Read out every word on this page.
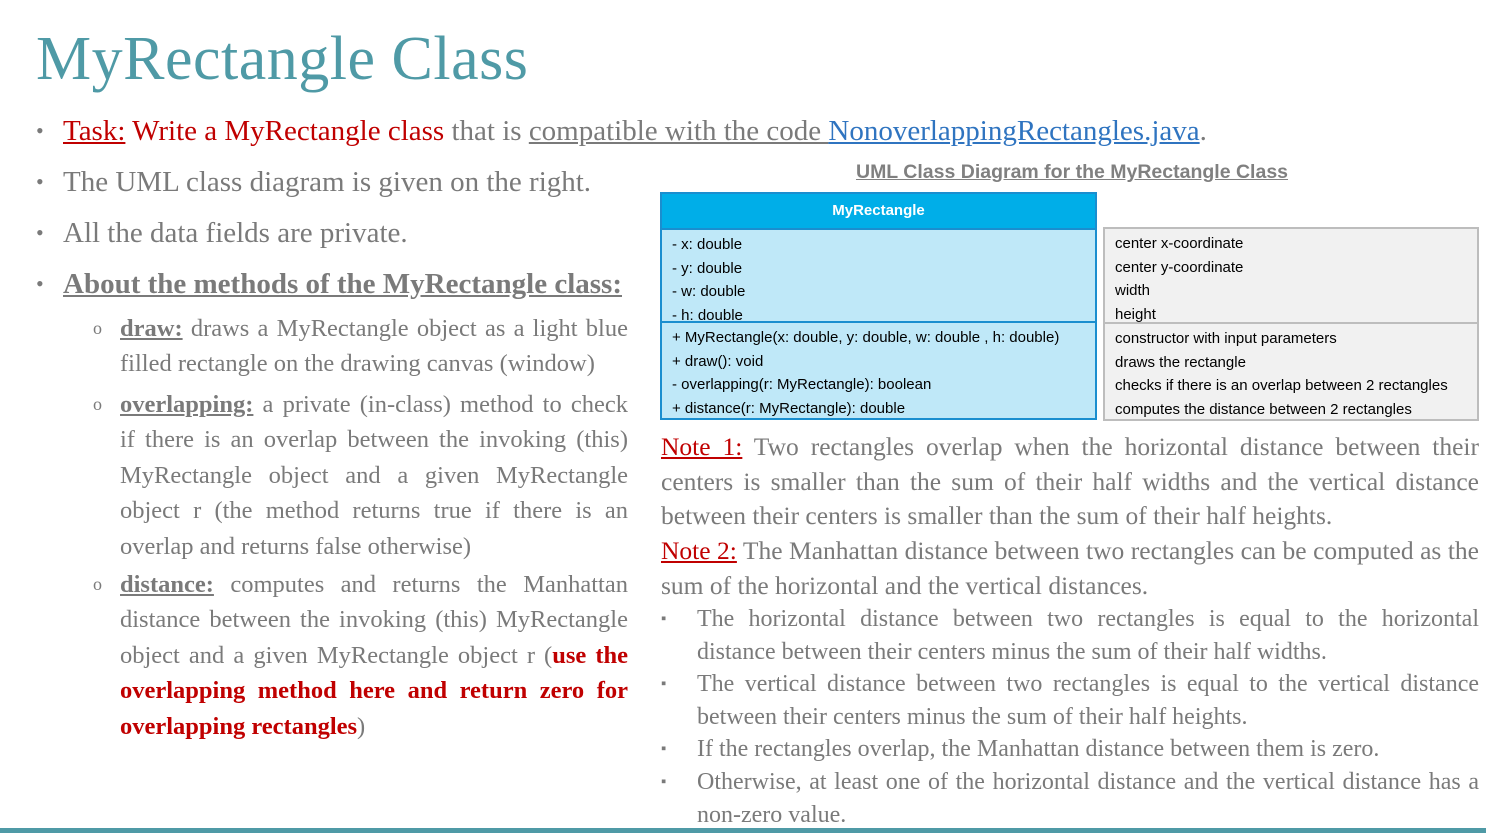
MyRectangle Class

• Task: Write a MyRectangle class that is compatible with the code NonoverlappingRectangles.java.

• The UML class diagram is given on the right.

• All the data fields are private.

• About the methods of the MyRectangle class:

o draw: draws a MyRectangle object as a light blue filled rectangle on the drawing canvas (window)

o overlapping: a private (in-class) method to check if there is an overlap between the invoking (this) MyRectangle object and a given MyRectangle object r (the method returns true if there is an overlap and returns false otherwise)

o distance: computes and returns the Manhattan distance between the invoking (this) MyRectangle object and a given MyRectangle object r (use the overlapping method here and return zero for overlapping rectangles)

UML Class Diagram for the MyRectangle Class

MyRectangle
- x: double
- y: double
- w: double
- h: double
+ MyRectangle(x: double, y: double, w: double , h: double)
+ draw(): void
- overlapping(r: MyRectangle): boolean
+ distance(r: MyRectangle): double
center x-coordinate
center y-coordinate
width
height
constructor with input parameters
draws the rectangle
checks if there is an overlap between 2 rectangles
computes the distance between 2 rectangles

Note 1: Two rectangles overlap when the horizontal distance between their centers is smaller than the sum of their half widths and the vertical distance between their centers is smaller than the sum of their half heights.

Note 2: The Manhattan distance between two rectangles can be computed as the sum of the horizontal and the vertical distances.

▪ The horizontal distance between two rectangles is equal to the horizontal distance between their centers minus the sum of their half widths.

▪ The vertical distance between two rectangles is equal to the vertical distance between their centers minus the sum of their half heights.

▪ If the rectangles overlap, the Manhattan distance between them is zero.

▪ Otherwise, at least one of the horizontal distance and the vertical distance has a non-zero value.
